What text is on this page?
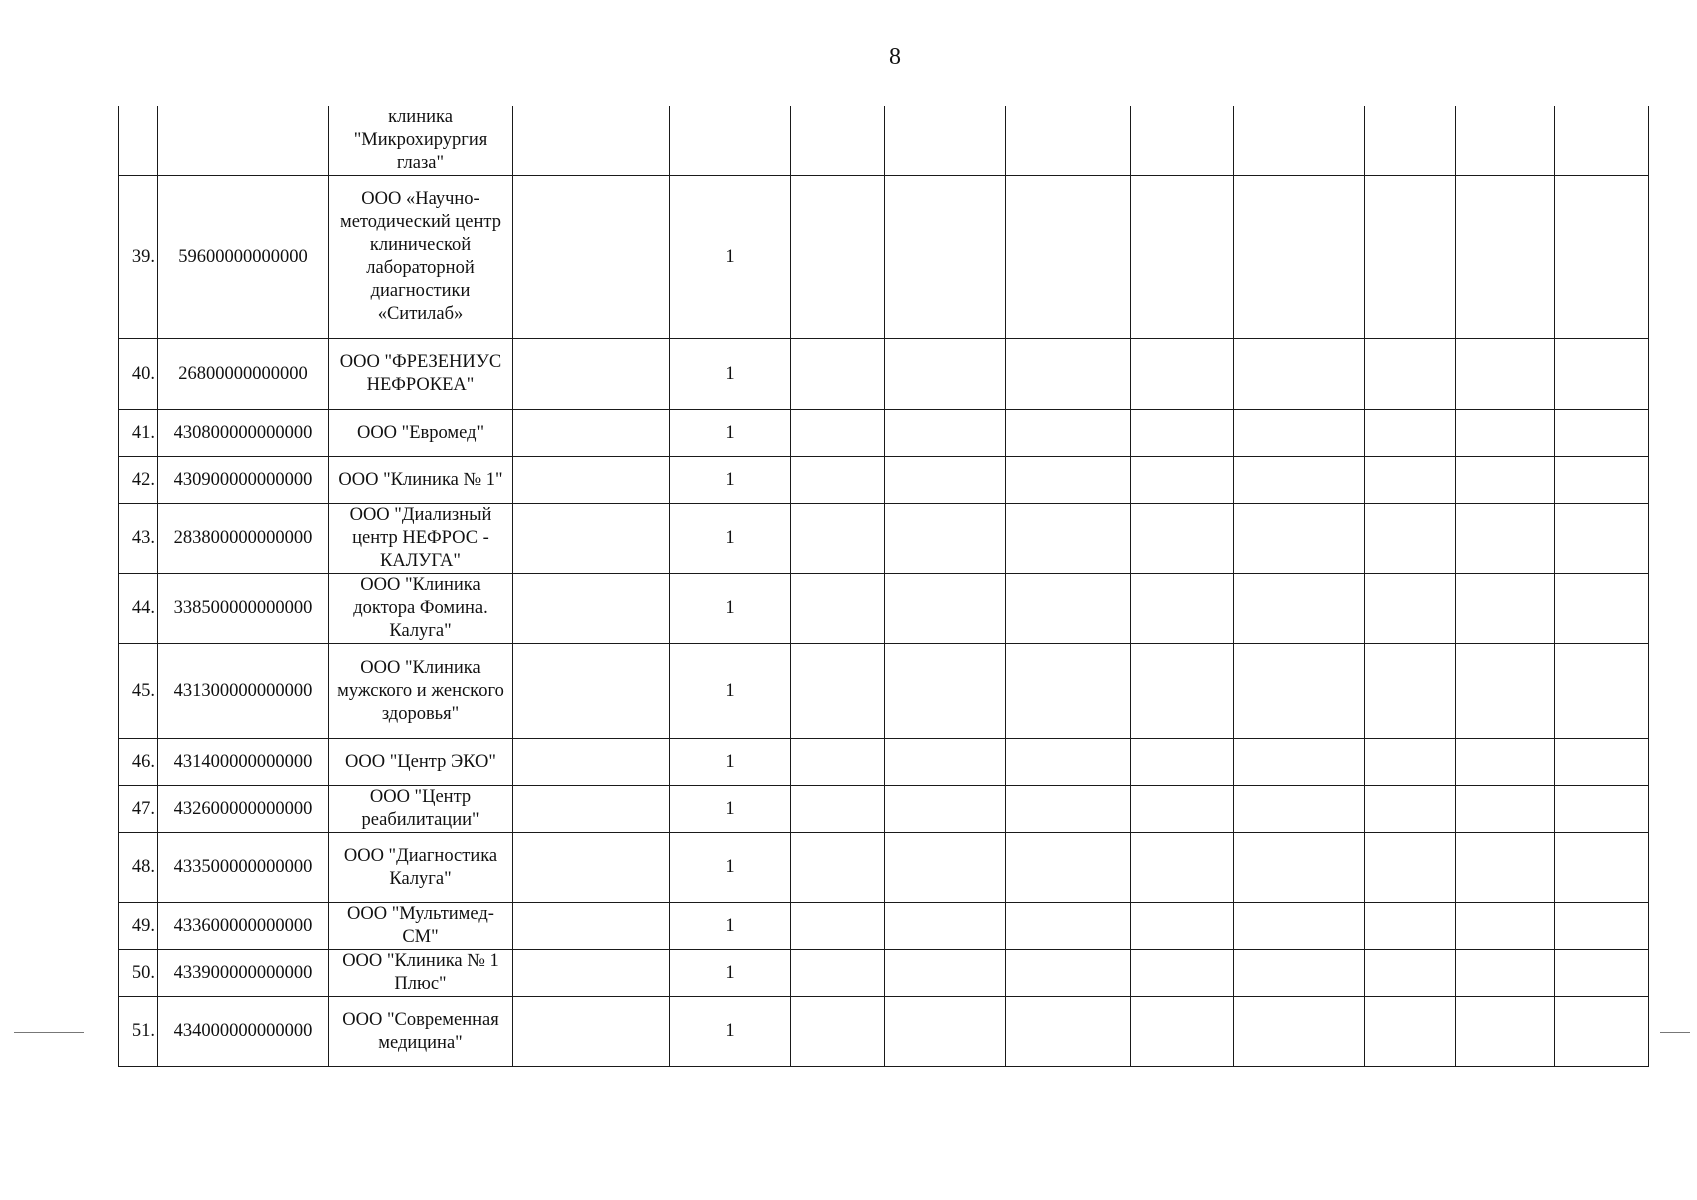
8
		клиника "Микрохирургия глаза"										
39.	59600000000000	ООО «Научно-методический центр клинической лабораторной диагностики «Ситилаб»		1								
40.	26800000000000	ООО "ФРЕЗЕНИУС НЕФРОКЕА"		1								
41.	430800000000000	ООО "Евромед"		1								
42.	430900000000000	ООО "Клиника № 1"		1								
43.	283800000000000	ООО "Диализный центр НЕФРОС - КАЛУГА"		1								
44.	338500000000000	ООО "Клиника доктора Фомина. Калуга"		1								
45.	431300000000000	ООО "Клиника мужского и женского здоровья"		1								
46.	431400000000000	ООО "Центр ЭКО"		1								
47.	432600000000000	ООО "Центр реабилитации"		1								
48.	433500000000000	ООО "Диагностика Калуга"		1								
49.	433600000000000	ООО "Мультимед-СМ"		1								
50.	433900000000000	ООО "Клиника № 1 Плюс"		1								
51.	434000000000000	ООО "Современная медицина"		1								
